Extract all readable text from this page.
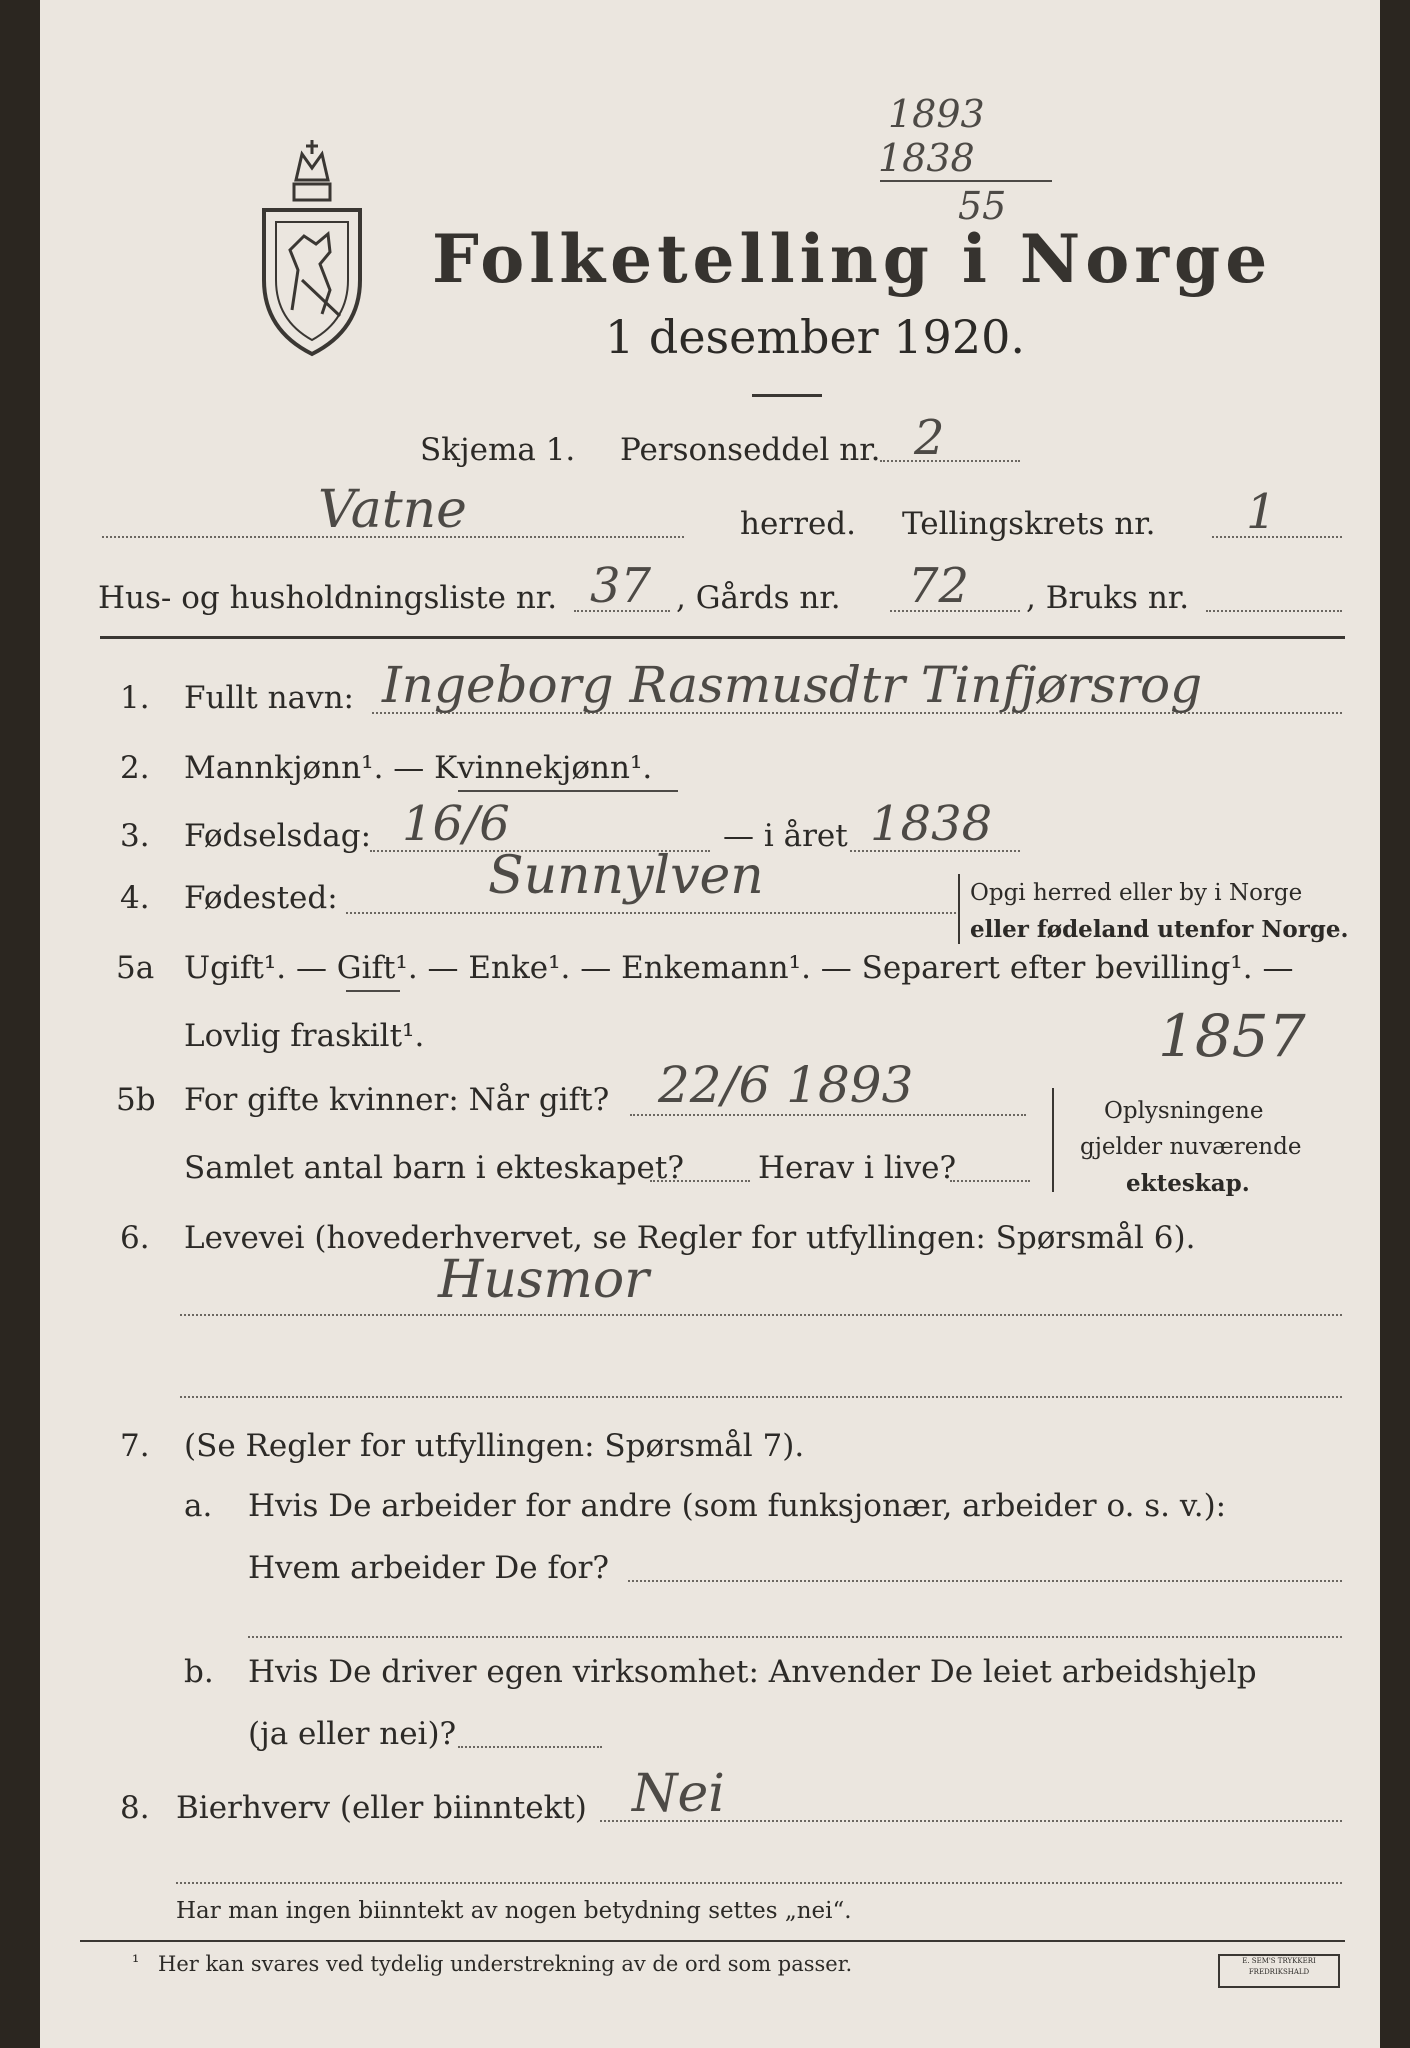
1893
1838
55
Folketelling i Norge
1 desember 1920.
Skjema 1. Personseddel nr. 2
Vatne	herred. Tellingskrets nr. 1
Hus- og husholdningsliste nr. 37 , Gårds nr. 72 , Bruks nr.
1. Fullt navn: Ingeborg Rasmusdtr Tinfjørsrog
2. Mannkjønn¹. — Kvinnekjønn¹.
3. Fødselsdag: 16/6	— i året 1838
4. Fødested:	Sunnylven	Opgi herred eller by i Norge
eller fødeland utenfor Norge.
5a Ugift¹. — Gift¹. — Enke¹. — Enkemann¹. — Separert efter bevilling¹. —
Lovlig fraskilt¹.	1857
5b For gifte kvinner: Når gift? 22/6 1893
Samlet antal barn i ekteskapet? Herav i live?
Oplysningene
gjelder nuværende
ekteskap.
6. Levevei (hovederhvervet, se Regler for utfyllingen: Spørsmål 6).
Husmor
7. (Se Regler for utfyllingen: Spørsmål 7).
a. Hvis De arbeider for andre (som funksjonær, arbeider o. s. v.):
Hvem arbeider De for?
b. Hvis De driver egen virksomhet: Anvender De leiet arbeidshjelp
(ja eller nei)?
8. Bierhverv (eller biinntekt) Nei
Har man ingen biinntekt av nogen betydning settes „nei“.
¹ Her kan svares ved tydelig understrekning av de ord som passer.	E. SEM'S TRYKKERI
FREDRIKSHALD
